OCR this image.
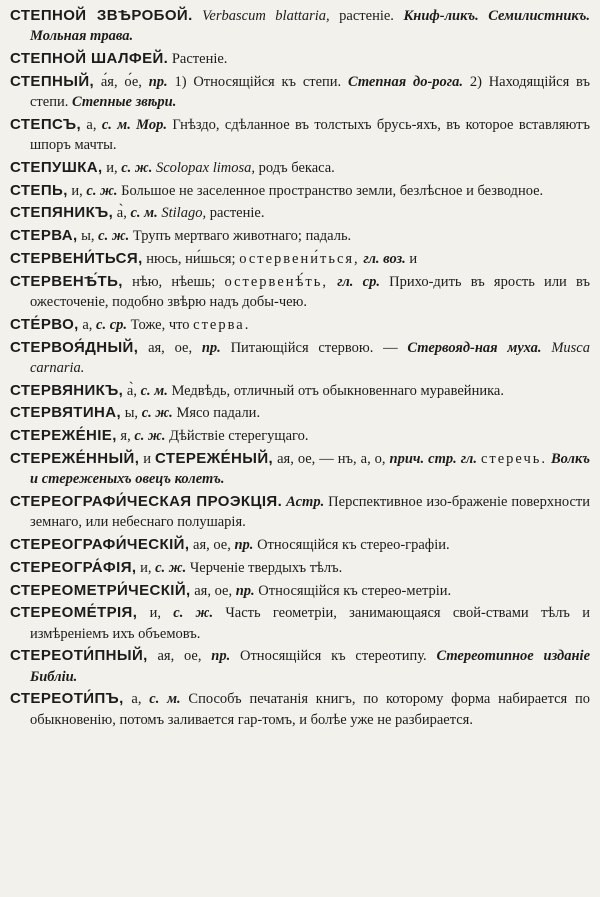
СТЕПНОЙ ЗВѢРОБОЙ. Verbascum blattaria, растеніе. Книф-ликъ. Семилистникъ. Мольная трава.

СТЕПНОЙ ШАЛФЕЙ. Растеніе.

СТЕПНЫЙ, а́я, о́е, пр. 1) Относящійся къ степи. Степная до-рога. 2) Находящійся въ степи. Степные звѣри.

СТЕПСЪ, а, с. м. Мор. Гнѣздо, сдѣланное въ толстыхъ брусь-яхъ, въ которое вставляютъ шпоръ мачты.

СТЕПУШКА, и, с. ж. Scolopax limosa, родъ бекаса.

СТЕПЬ, и, с. ж. Большое не заселенное пространство земли, безлѣсное и безводное.

СТЕПЯНИКЪ, а̀, с. м. Stilago, растеніе.

СТЕРВА, ы, с. ж. Трупъ мертваго животнаго; падаль.

СТЕРВЕНИ́ТЬСЯ, нюсь, ни́шься; остервени́ться, гл. воз. и

СТЕРВЕНѢ́ТЬ, нѣю, нѣешь; остервенѣ́ть, гл. ср. Прихо-дить въ ярость или въ ожесточеніе, подобно звѣрю надъ добы-чею.

СТЕ́РВО, а, с. ср. Тоже, что стерва.

СТЕРВОЯ́ДНЫЙ, ая, ое, пр. Питающійся стервою. — Стервояд-ная муха. Musca carnaria.

СТЕРВЯНИКЪ, а̀, с. м. Медвѣдь, отличный отъ обыкновеннаго муравейника.

СТЕРВЯТИНА, ы, с. ж. Мясо падали.

СТЕРЕЖЕ́НІЕ, я, с. ж. Дѣйствіе стерегущаго.

СТЕРЕЖЕ́ННЫЙ, и СТЕРЕЖЕ́НЫЙ, ая, ое, — нъ, а, о, прич. стр. гл. стеречь. Волкъ и стереженыхъ овецъ колетъ.

СТЕРЕОГРАФИ́ЧЕСКАЯ ПРОЭКЦІЯ. Астр. Перспективное изо-браженіе поверхности земнаго, или небеснаго полушарія.

СТЕРЕОГРАФИ́ЧЕСКІЙ, ая, ое, пр. Относящійся къ стерео-графіи.

СТЕРЕОГРА́ФІЯ, и, с. ж. Черченіе твердыхъ тѣлъ.

СТЕРЕОМЕТРИ́ЧЕСКІЙ, ая, ое, пр. Относящійся къ стерео-метріи.

СТЕРЕОМЕ́ТРІЯ, и, с. ж. Часть геометріи, занимающаяся свой-ствами тѣлъ и измѣреніемъ ихъ объемовъ.

СТЕРЕОТИ́ПНЫЙ, ая, ое, пр. Относящійся къ стереотипу. Стереотипное изданіе Библіи.

СТЕРЕОТИ́ПЪ, а, с. м. Способъ печатанія книгъ, по которому форма набирается по обыкновенію, потомъ заливается гар-томъ, и болѣе уже не разбирается.
